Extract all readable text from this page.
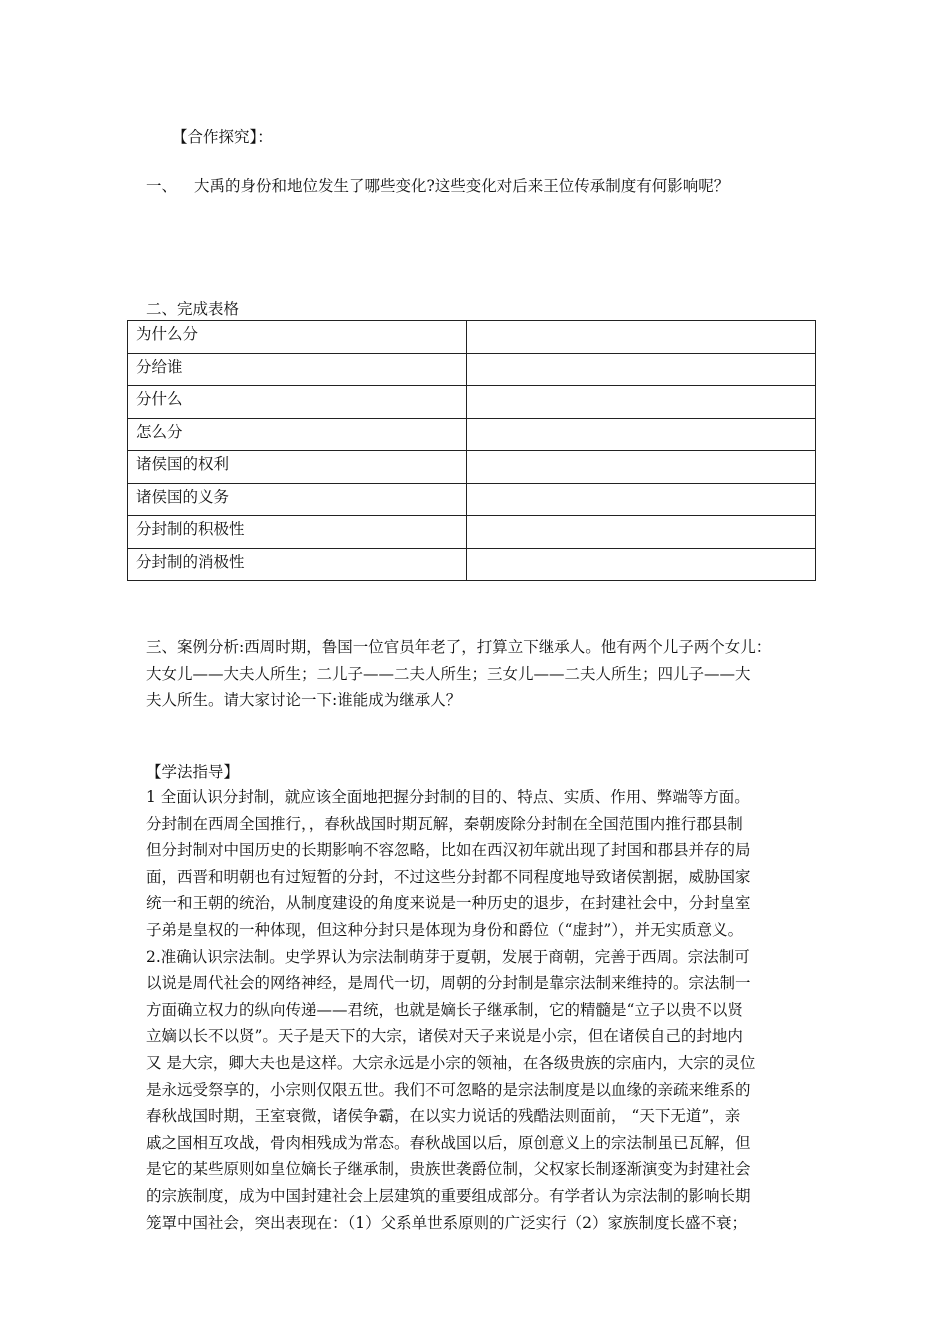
【合作探究】：
一、 大禹的身份和地位发生了哪些变化?这些变化对后来王位传承制度有何影响呢？
二、完成表格
为什么分	
分给谁	
分什么	
怎么分	
诸侯国的权利	
诸侯国的义务	
分封制的积极性	
分封制的消极性	
三、案例分析:西周时期，鲁国一位官员年老了，打算立下继承人。他有两个儿子两个女儿：
大女儿——大夫人所生；二儿子——二夫人所生；三女儿——二夫人所生；四儿子——大
夫人所生。请大家讨论一下:谁能成为继承人？
【学法指导】
1 全面认识分封制，就应该全面地把握分封制的目的、特点、实质、作用、弊端等方面。
分封制在西周全国推行，，春秋战国时期瓦解，秦朝废除分封制在全国范围内推行郡县制
但分封制对中国历史的长期影响不容忽略，比如在西汉初年就出现了封国和郡县并存的局
面，西晋和明朝也有过短暂的分封，不过这些分封都不同程度地导致诸侯割据，威胁国家
统一和王朝的统治，从制度建设的角度来说是一种历史的退步，在封建社会中，分封皇室
子弟是皇权的一种体现，但这种分封只是体现为身份和爵位（“虚封”），并无实质意义。
2.准确认识宗法制。史学界认为宗法制萌芽于夏朝，发展于商朝，完善于西周。宗法制可
以说是周代社会的网络神经，是周代一切，周朝的分封制是靠宗法制来维持的。宗法制一
方面确立权力的纵向传递——君统，也就是嫡长子继承制，它的精髓是“立子以贵不以贤
立嫡以长不以贤”。天子是天下的大宗，诸侯对天子来说是小宗，但在诸侯自己的封地内
又 是大宗，卿大夫也是这样。大宗永远是小宗的领袖，在各级贵族的宗庙内，大宗的灵位
是永远受祭享的，小宗则仅限五世。我们不可忽略的是宗法制度是以血缘的亲疏来维系的
春秋战国时期，王室衰微，诸侯争霸，在以实力说话的残酷法则面前， “天下无道”，亲
戚之国相互攻战，骨肉相残成为常态。春秋战国以后，原创意义上的宗法制虽已瓦解，但
是它的某些原则如皇位嫡长子继承制，贵族世袭爵位制，父权家长制逐渐演变为封建社会
的宗族制度，成为中国封建社会上层建筑的重要组成部分。有学者认为宗法制的影响长期
笼罩中国社会，突出表现在：（1）父系单世系原则的广泛实行（2）家族制度长盛不衰；
